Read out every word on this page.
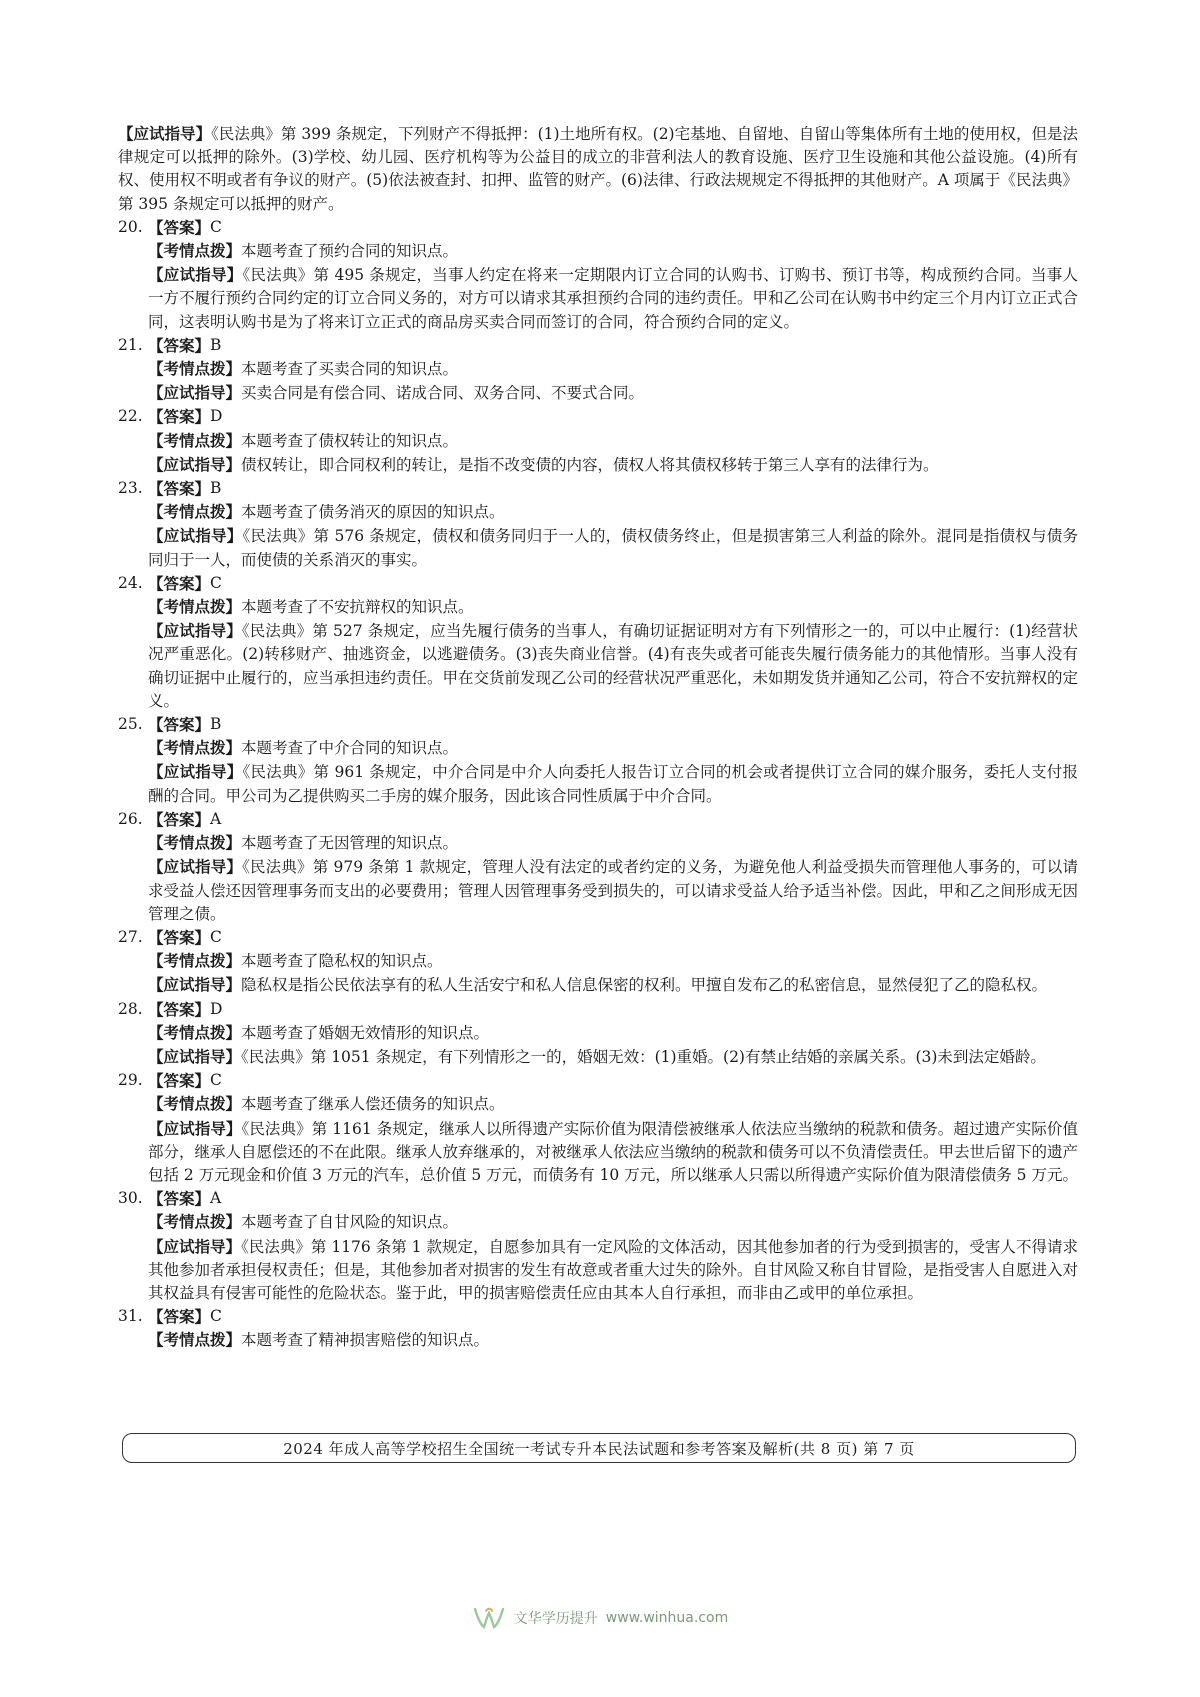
【应试指导】《民法典》第 399 条规定，下列财产不得抵押：(1)土地所有权。(2)宅基地、自留地、自留山等集体所有土地的使用权，但是法律规定可以抵押的除外。(3)学校、幼儿园、医疗机构等为公益目的成立的非营利法人的教育设施、医疗卫生设施和其他公益设施。(4)所有权、使用权不明或者有争议的财产。(5)依法被查封、扣押、监管的财产。(6)法律、行政法规规定不得抵押的其他财产。A 项属于《民法典》第 395 条规定可以抵押的财产。

20. 【答案】 C
【考情点拨】本题考查了预约合同的知识点。
【应试指导】《民法典》第 495 条规定，当事人约定在将来一定期限内订立合同的认购书、订购书、预订书等，构成预约合同。当事人一方不履行预约合同约定的订立合同义务的，对方可以请求其承担预约合同的违约责任。甲和乙公司在认购书中约定三个月内订立正式合同，这表明认购书是为了将来订立正式的商品房买卖合同而签订的合同，符合预约合同的定义。
21. 【答案】 B
【考情点拨】本题考查了买卖合同的知识点。
【应试指导】买卖合同是有偿合同、诺成合同、双务合同、不要式合同。
22. 【答案】 D
【考情点拨】本题考查了债权转让的知识点。
【应试指导】债权转让，即合同权利的转让，是指不改变债的内容，债权人将其债权移转于第三人享有的法律行为。
23. 【答案】 B
【考情点拨】本题考查了债务消灭的原因的知识点。
【应试指导】《民法典》第 576 条规定，债权和债务同归于一人的，债权债务终止，但是损害第三人利益的除外。混同是指债权与债务同归于一人，而使债的关系消灭的事实。
24. 【答案】 C
【考情点拨】本题考查了不安抗辩权的知识点。
【应试指导】《民法典》第 527 条规定，应当先履行债务的当事人，有确切证据证明对方有下列情形之一的，可以中止履行：(1)经营状况严重恶化。(2)转移财产、抽逃资金，以逃避债务。(3)丧失商业信誉。(4)有丧失或者可能丧失履行债务能力的其他情形。当事人没有确切证据中止履行的，应当承担违约责任。甲在交货前发现乙公司的经营状况严重恶化，未如期发货并通知乙公司，符合不安抗辩权的定义。
25. 【答案】 B
【考情点拨】本题考查了中介合同的知识点。
【应试指导】《民法典》第 961 条规定，中介合同是中介人向委托人报告订立合同的机会或者提供订立合同的媒介服务，委托人支付报酬的合同。甲公司为乙提供购买二手房的媒介服务，因此该合同性质属于中介合同。
26. 【答案】 A
【考情点拨】本题考查了无因管理的知识点。
【应试指导】《民法典》第 979 条第 1 款规定，管理人没有法定的或者约定的义务，为避免他人利益受损失而管理他人事务的，可以请求受益人偿还因管理事务而支出的必要费用；管理人因管理事务受到损失的，可以请求受益人给予适当补偿。因此，甲和乙之间形成无因管理之债。
27. 【答案】 C
【考情点拨】本题考查了隐私权的知识点。
【应试指导】隐私权是指公民依法享有的私人生活安宁和私人信息保密的权利。甲擅自发布乙的私密信息，显然侵犯了乙的隐私权。
28. 【答案】 D
【考情点拨】本题考查了婚姻无效情形的知识点。
【应试指导】《民法典》第 1051 条规定，有下列情形之一的，婚姻无效：(1)重婚。(2)有禁止结婚的亲属关系。(3)未到法定婚龄。
29. 【答案】 C
【考情点拨】本题考查了继承人偿还债务的知识点。
【应试指导】《民法典》第 1161 条规定，继承人以所得遗产实际价值为限清偿被继承人依法应当缴纳的税款和债务。超过遗产实际价值部分，继承人自愿偿还的不在此限。继承人放弃继承的，对被继承人依法应当缴纳的税款和债务可以不负清偿责任。甲去世后留下的遗产包括 2 万元现金和价值 3 万元的汽车，总价值 5 万元，而债务有 10 万元，所以继承人只需以所得遗产实际价值为限清偿债务 5 万元。
30. 【答案】 A
【考情点拨】本题考查了自甘风险的知识点。
【应试指导】《民法典》第 1176 条第 1 款规定，自愿参加具有一定风险的文体活动，因其他参加者的行为受到损害的，受害人不得请求其他参加者承担侵权责任；但是，其他参加者对损害的发生有故意或者重大过失的除外。自甘风险又称自甘冒险，是指受害人自愿进入对其权益具有侵害可能性的危险状态。鉴于此，甲的损害赔偿责任应由其本人自行承担，而非由乙或甲的单位承担。
31. 【答案】 C
【考情点拨】本题考查了精神损害赔偿的知识点。
2024 年成人高等学校招生全国统一考试专升本民法试题和参考答案及解析(共 8 页) 第 7 页
文华学历提升 www.winhua.com
